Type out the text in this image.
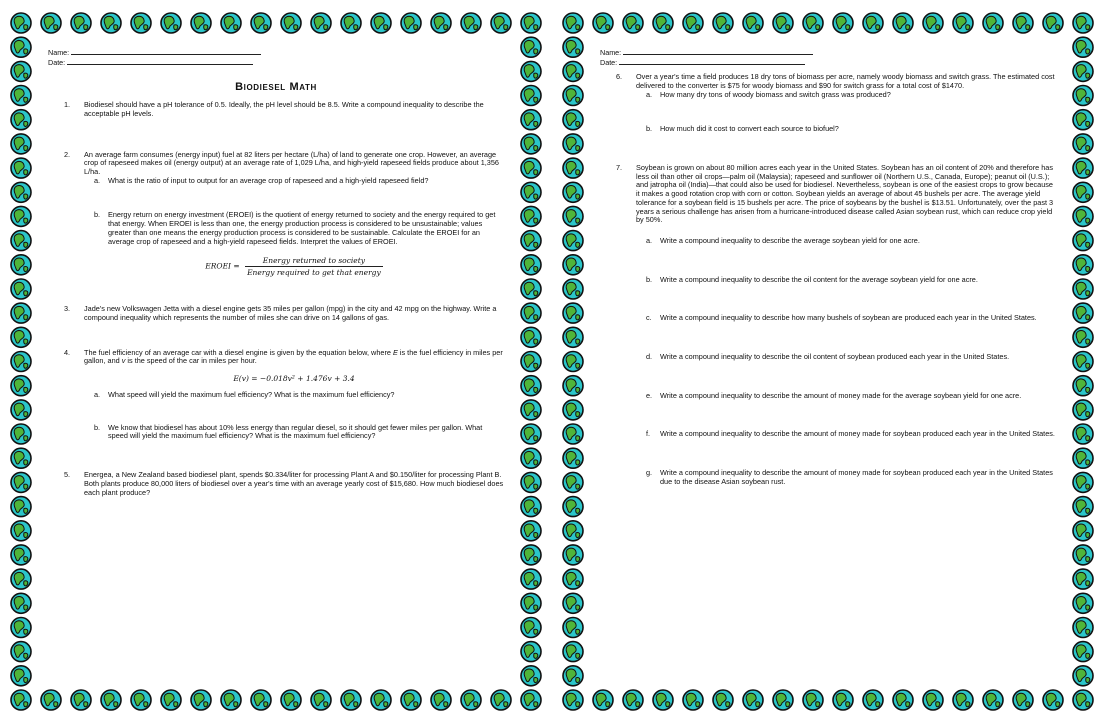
Name:
Date:
Biodiesel Math
1. Biodiesel should have a pH tolerance of 0.5. Ideally, the pH level should be 8.5. Write a compound inequality to describe the acceptable pH levels.
2. An average farm consumes (energy input) fuel at 82 liters per hectare (L/ha) of land to generate one crop. However, an average crop of rapeseed makes oil (energy output) at an average rate of 1,029 L/ha, and high-yield rapeseed fields produce about 1,356 L/ha.
a. What is the ratio of input to output for an average crop of rapeseed and a high-yield rapeseed field?
b. Energy return on energy investment (EROEI) is the quotient of energy returned to society and the energy required to get that energy. When EROEI is less than one, the energy production process is considered to be unsustainable; values greater than one means the energy production process is considered to be sustainable. Calculate the EROEI for an average crop of rapeseed and a high-yield rapeseed fields. Interpret the values of EROEI.
EROEI = $\frac{\text{Energy returned to society}}{\text{Energy required to get that energy}}$
3. Jade's new Volkswagen Jetta with a diesel engine gets 35 miles per gallon (mpg) in the city and 42 mpg on the highway. Write a compound inequality which represents the number of miles she can drive on 14 gallons of gas.
4. The fuel efficiency of an average car with a diesel engine is given by the equation below, where E is the fuel efficiency in miles per gallon, and v is the speed of the car in miles per hour.
E(v) = −0.018v² + 1.476v + 3.4
a. What speed will yield the maximum fuel efficiency? What is the maximum fuel efficiency?
b. We know that biodiesel has about 10% less energy than regular diesel, so it should get fewer miles per gallon. What speed will yield the maximum fuel efficiency? What is the maximum fuel efficiency?
5. Energea, a New Zealand based biodiesel plant, spends $0.334/liter for processing Plant A and $0.150/liter for processing Plant B. Both plants produce 80,000 liters of biodiesel over a year's time with an average yearly cost of $15,680. How much biodiesel does each plant produce?
Name:
Date:
6. Over a year's time a field produces 18 dry tons of biomass per acre, namely woody biomass and switch grass. The estimated cost delivered to the converter is $75 for woody biomass and $90 for switch grass for a total cost of $1470.
a. How many dry tons of woody biomass and switch grass was produced?
b. How much did it cost to convert each source to biofuel?
7. Soybean is grown on about 80 million acres each year in the United States. Soybean has an oil content of 20% and therefore has less oil than other oil crops—palm oil (Malaysia); rapeseed and sunflower oil (Northern U.S., Canada, Europe); peanut oil (U.S.); and jatropha oil (India)—that could also be used for biodiesel. Nevertheless, soybean is one of the easiest crops to grow because it makes a good rotation crop with corn or cotton. Soybean yields an average of about 45 bushels per acre. The average yield tolerance for a soybean field is 15 bushels per acre. The price of soybeans by the bushel is $13.51. Unfortunately, over the past 3 years a serious challenge has arisen from a hurricane-introduced disease called Asian soybean rust, which can reduce crop yield by 50%.
a. Write a compound inequality to describe the average soybean yield for one acre.
b. Write a compound inequality to describe the oil content for the average soybean yield for one acre.
c. Write a compound inequality to describe how many bushels of soybean are produced each year in the United States.
d. Write a compound inequality to describe the oil content of soybean produced each year in the United States.
e. Write a compound inequality to describe the amount of money made for the average soybean yield for one acre.
f. Write a compound inequality to describe the amount of money made for soybean produced each year in the United States.
g. Write a compound inequality to describe the amount of money made for soybean produced each year in the United States due to the disease Asian soybean rust.
